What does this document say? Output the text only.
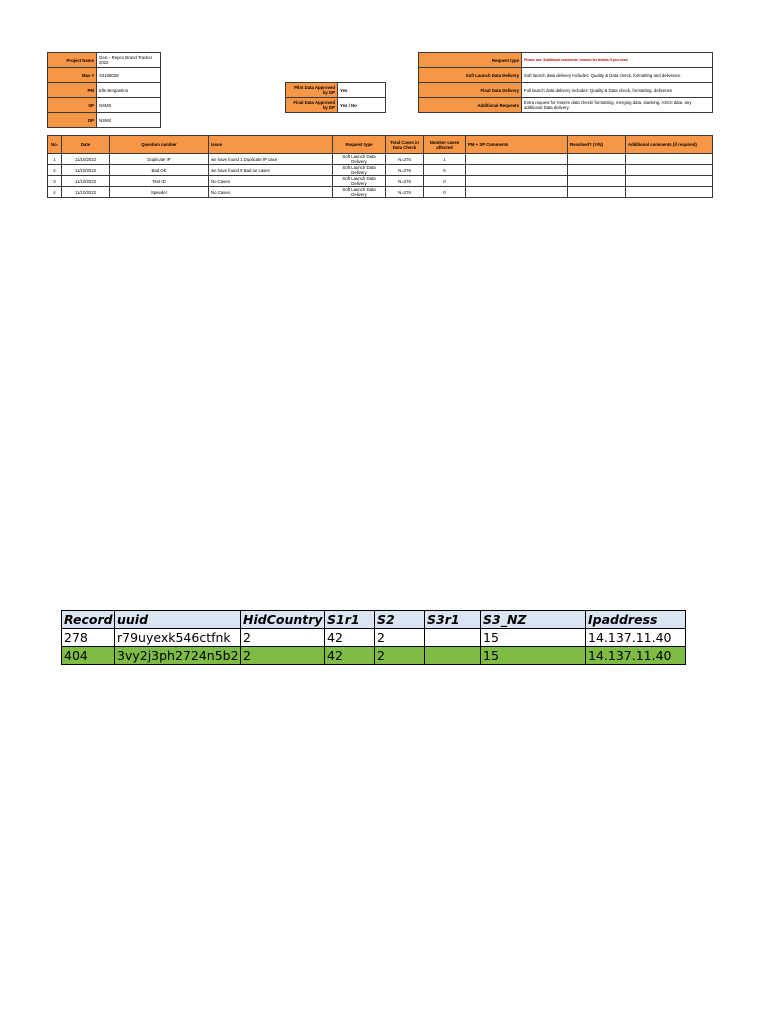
Project Name	Geic - Repco Brand Tracker 2022
Mas #	S3106028
PM	Elle Bergantino
SP	NSMX
DP	NSMX
Pilot Data Approved by DP	Yes
Final Data Approved by DP	Yes / No
Request type	Please use 'Additional comments' column for details if you need
Soft Launch Data Delivery	Soft launch data delivery Includes: Quality & Data check, formatting and deliveries.
Final Data Delivery	Full launch data delivery Includes: Quality & Data check, formatting, deliveries
Additional Requests	Extra request for Interim data check/ formatting, merging data, stacking, ASCII data, any additional Data delivery.
No.	Date	Question number	Issue	Request type	Total Cases in Data Check	Number cases affected	PM + SP Comments	Resolved? (Y/N)	Additional comments (if required)
1	11/10/2022	Duplicate IP	we have found 1 Duplicate IP case	Soft Launch Data Delivery	N=276	1			
2	11/10/2022	Bad OE	we have found 9 Bad oe cases	Soft Launch Data Delivery	N=276	9			
3	11/10/2022	Test ID	No Cases	Soft Launch Data Delivery	N=276	0			
4	11/10/2022	Speeder	No Cases	Soft Launch Data Delivery	N=276	0			
Record	uuid	HidCountry	S1r1	S2	S3r1	S3_NZ	Ipaddress
278	r79uyexk546ctfnk	2	42	2		15	14.137.11.40
404	3vy2j3ph2724n5b2	2	42	2		15	14.137.11.40
